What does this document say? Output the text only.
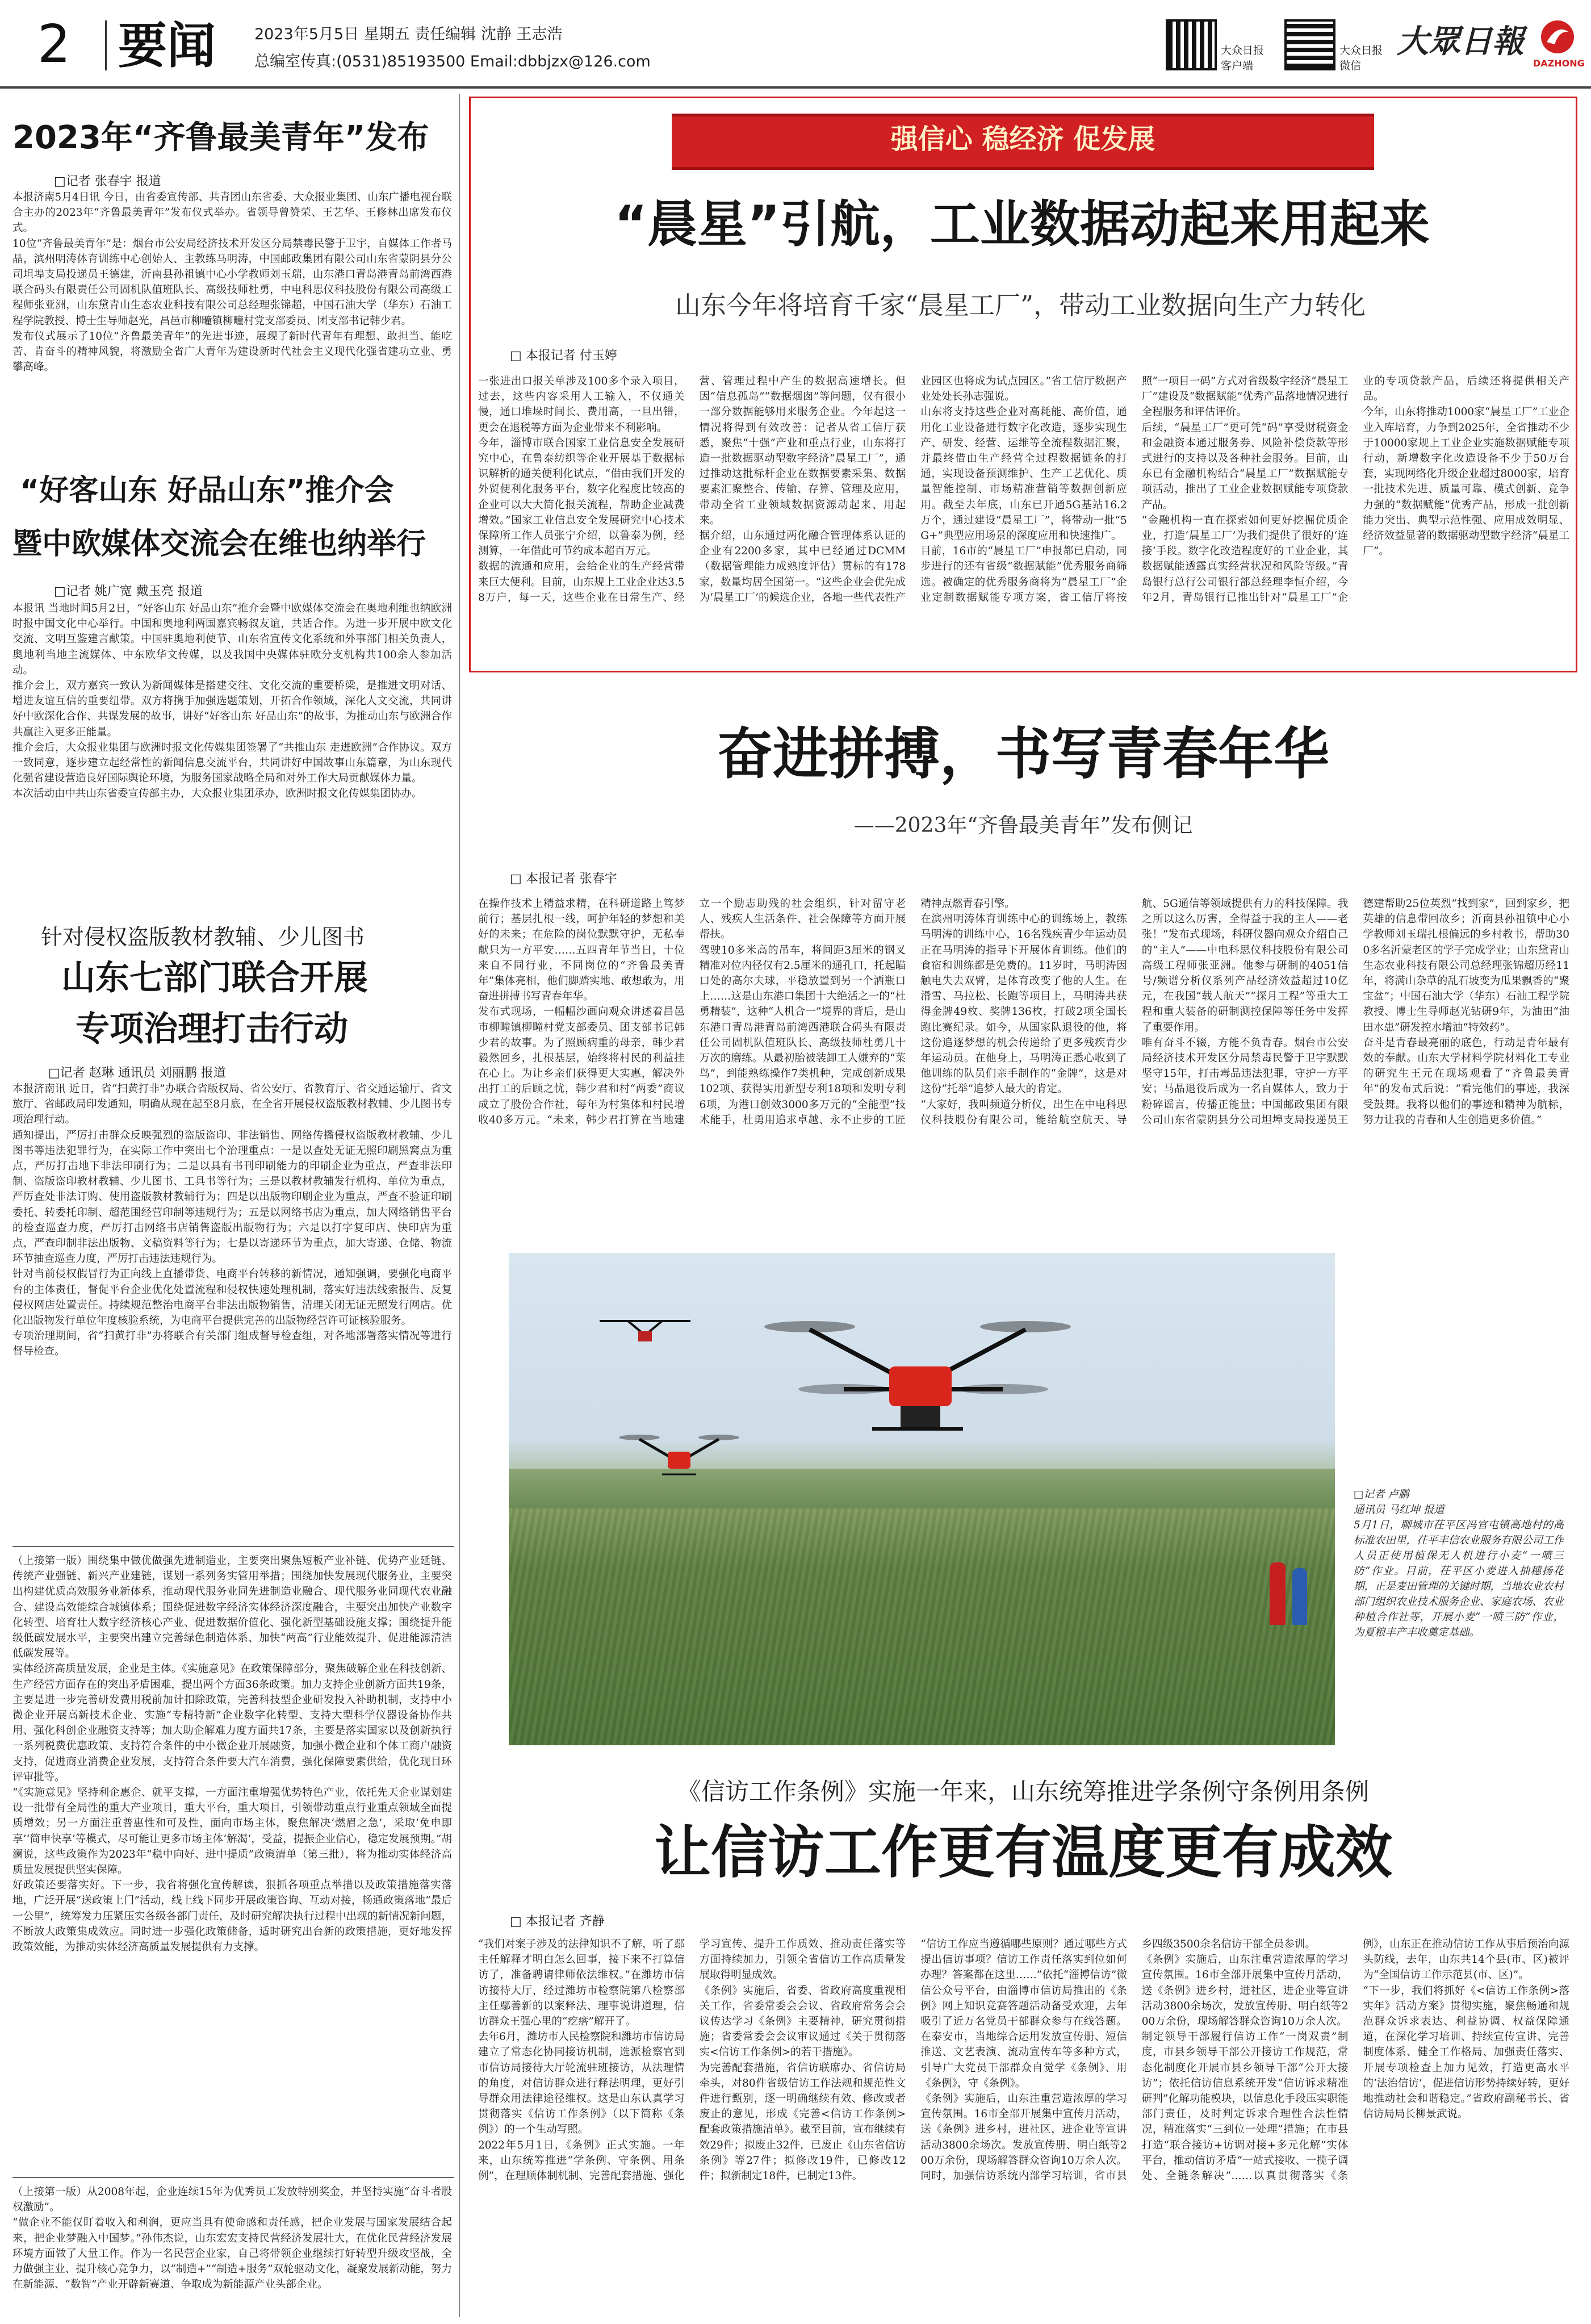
2 要闻	2023年5月5日 星期五 责任编辑 沈静 王志浩
总编室传真:(0531)85193500 Email:dbbjzx@126.com
大众日报
客户端
大众日报
微信
大眾日報
DAZHONG
2023年“齐鲁最美青年”发布
□记者 张春宇 报道
本报济南5月4日讯 今日，由省委宣传部、共青团山东省委、大众报业集团、山东广播电视台联合主办的2023年“齐鲁最美青年”发布仪式举办。省领导曾赞荣、王艺华、王修林出席发布仪式。
10位“齐鲁最美青年”是：烟台市公安局经济技术开发区分局禁毒民警于卫宇，自媒体工作者马晶，滨州明涛体育训练中心创始人、主教练马明涛，中国邮政集团有限公司山东省蒙阴县分公司坦埠支局投递员王德建，沂南县孙祖镇中心小学教师刘玉瑞，山东港口青岛港青岛前湾西港联合码头有限责任公司固机队值班队长、高级技师杜勇，中电科思仪科技股份有限公司高级工程师张亚洲，山东黛青山生态农业科技有限公司总经理张锦超，中国石油大学（华东）石油工程学院教授、博士生导师赵光，昌邑市柳疃镇柳疃村党支部委员、团支部书记韩少君。
发布仪式展示了10位“齐鲁最美青年”的先进事迹，展现了新时代青年有理想、敢担当、能吃苦、肯奋斗的精神风貌，将激励全省广大青年为建设新时代社会主义现代化强省建功立业、勇攀高峰。
“好客山东 好品山东”推介会
暨中欧媒体交流会在维也纳举行
□记者 姚广宽 戴玉亮 报道
本报讯 当地时间5月2日，“好客山东 好品山东”推介会暨中欧媒体交流会在奥地利维也纳欧洲时报中国文化中心举行。中国和奥地利两国嘉宾畅叙友谊，共话合作。为进一步开展中欧文化交流、文明互鉴建言献策。中国驻奥地利使节、山东省宣传文化系统和外事部门相关负责人，奥地利当地主流媒体、中东欧华文传媒，以及我国中央媒体驻欧分支机构共100余人参加活动。
推介会上，双方嘉宾一致认为新闻媒体是搭建交往、文化交流的重要桥梁，是推进文明对话、增进友谊互信的重要纽带。双方将携手加强选题策划，开拓合作领域，深化人文交流，共同讲好中欧深化合作、共谋发展的故事，讲好“好客山东 好品山东”的故事，为推动山东与欧洲合作共赢注入更多正能量。
推介会后，大众报业集团与欧洲时报文化传媒集团签署了“共推山东 走进欧洲”合作协议。双方一致同意，逐步建立起经常性的新闻信息交流平台，共同讲好中国故事山东篇章，为山东现代化强省建设营造良好国际舆论环境，为服务国家战略全局和对外工作大局贡献媒体力量。
本次活动由中共山东省委宣传部主办，大众报业集团承办，欧洲时报文化传媒集团协办。
针对侵权盗版教材教辅、少儿图书
山东七部门联合开展
专项治理打击行动
□记者 赵琳 通讯员 刘丽鹏 报道
本报济南讯 近日，省“扫黄打非”办联合省版权局、省公安厅、省教育厅、省交通运输厅、省文旅厅、省邮政局印发通知，明确从现在起至8月底，在全省开展侵权盗版教材教辅、少儿图书专项治理行动。
通知提出，严厉打击群众反映强烈的盗版盗印、非法销售、网络传播侵权盗版教材教辅、少儿图书等违法犯罪行为，在实际工作中突出七个治理重点：一是以查处无证无照印刷黑窝点为重点，严厉打击地下非法印刷行为；二是以具有书刊印刷能力的印刷企业为重点，严查非法印制、盗版盗印教材教辅、少儿图书、工具书等行为；三是以教材教辅发行机构、单位为重点，严厉查处非法订购、使用盗版教材教辅行为；四是以出版物印刷企业为重点，严查不验证印刷委托、转委托印制、超范围经营印制等违规行为；五是以网络书店为重点，加大网络销售平台的检查巡查力度，严厉打击网络书店销售盗版出版物行为；六是以打字复印店、快印店为重点，严查印制非法出版物、文稿资料等行为；七是以寄递环节为重点，加大寄递、仓储、物流环节抽查巡查力度，严厉打击违法违规行为。
针对当前侵权假冒行为正向线上直播带货、电商平台转移的新情况，通知强调，要强化电商平台的主体责任，督促平台企业优化处置流程和侵权快速处理机制，落实好违法线索报告、反复侵权网店处置责任。持续规范整治电商平台非法出版物销售，清理关闭无证无照发行网店。优化出版物发行单位年度核验系统，为电商平台提供完善的出版物经营许可证核验服务。
专项治理期间，省“扫黄打非”办将联合有关部门组成督导检查组，对各地部署落实情况等进行督导检查。
（上接第一版）围绕集中做优做强先进制造业，主要突出聚焦短板产业补链、优势产业延链、传统产业强链、新兴产业建链，谋划一系列务实管用举措；围绕加快发展现代服务业，主要突出构建优质高效服务业新体系，推动现代服务业同先进制造业融合、现代服务业同现代农业融合、建设高效能综合城镇体系；围绕促进数字经济实体经济深度融合，主要突出加快产业数字化转型、培育壮大数字经济核心产业、促进数据价值化、强化新型基础设施支撑；围绕提升能级低碳发展水平，主要突出建立完善绿色制造体系、加快“两高”行业能效提升、促进能源清洁低碳发展等。
实体经济高质量发展，企业是主体。《实施意见》在政策保障部分，聚焦破解企业在科技创新、生产经营方面存在的突出矛盾困难，提出两个方面36条政策。加力支持企业创新方面共19条，主要是进一步完善研发费用税前加计扣除政策，完善科技型企业研发投入补助机制，支持中小微企业开展高新技术企业、实施“专精特新”企业数字化转型、支持大型科学仪器设备协作共用、强化科创企业融资支持等；加大助企解难力度方面共17条，主要是落实国家以及创新执行一系列税费优惠政策、支持符合条件的中小微企业开展融资，加强小微企业和个体工商户融资支持，促进商业消费企业发展，支持符合条件要大汽车消费，强化保障要素供给，优化现目环评审批等。
“《实施意见》坚持利企惠企、就平支撑，一方面注重增强优势特色产业，依托先天企业谋划建设一批带有全局性的重大产业项目，重大平台，重大项目，引领带动重点行业重点领域全面提质增效；另一方面注重普惠性和可及性，面向市场主体，聚焦解决‘燃眉之急’，采取‘免申即享’‘简申快享’等模式，尽可能让更多市场主体‘解渴’，受益，提振企业信心，稳定发展预期。”胡澜说，这些政策作为2023年“稳中向好、进中提质”政策清单（第三批），将为推动实体经济高质量发展提供坚实保障。
好政策还要落实好。下一步，我省将强化宣传解读，狠抓各项重点举措以及政策措施落实落地，广泛开展“送政策上门”活动，线上线下同步开展政策咨询、互动对接，畅通政策落地“最后一公里”，统筹发力压紧压实各级各部门责任，及时研究解决执行过程中出现的新情况新问题，不断放大政策集成效应。同时进一步强化政策储备，适时研究出台新的政策措施，更好地发挥政策效能，为推动实体经济高质量发展提供有力支撑。
（上接第一版）从2008年起，企业连续15年为优秀员工发放特别奖金，并坚持实施“奋斗者股权激励”。
“做企业不能仅盯着收入和利润，更应当具有使命感和责任感，把企业发展与国家发展结合起来，把企业梦融入中国梦。”孙伟杰说，山东宏宏支持民营经济发展壮大，在优化民营经济发展环境方面做了大量工作。作为一名民营企业家，自己将带领企业继续打好转型升级攻坚战，全力做强主业、提升核心竞争力，以“制造+”“制造+服务”双轮驱动文化，凝聚发展新动能，努力在新能源、“数智”产业开辟新赛道、争取成为新能源产业头部企业。
强信心 稳经济 促发展
“晨星”引航，工业数据动起来用起来
山东今年将培育千家“晨星工厂”，带动工业数据向生产力转化
□ 本报记者 付玉婷
一张进出口报关单涉及100多个录入项目，过去，这些内容采用人工输入，不仅通关慢，通口堆垛时间长、费用高，一旦出错，更会在退税等方面为企业带来不利影响。
今年，淄博市联合国家工业信息安全发展研究中心，在鲁泰纺织等企业开展基于数据标识解析的通关便利化试点，“借由我们开发的外贸便利化服务平台，数字化程度比较高的企业可以大大简化报关流程，帮助企业减费增效。”国家工业信息安全发展研究中心技术保障所工作人员张宁介绍，以鲁泰为例，经测算，一年借此可节约成本超百万元。
数据的流通和应用，会给企业的生产经营带来巨大便利。目前，山东规上工业企业达3.58万户，每一天，这些企业在日常生产、经营、管理过程中产生的数据高速增长。但因“信息孤岛”“数据烟囱”等问题，仅有很小一部分数据能够用来服务企业。今年起这一情况将得到有效改善：记者从省工信厅获悉，聚焦“十强”产业和重点行业，山东将打造一批数据驱动型数字经济“晨星工厂”，通过推动这批标杆企业在数据要素采集、数据要素汇聚整合、传输、存算、管理及应用，带动全省工业领域数据资源动起来、用起来。
据介绍，山东通过两化融合管理体系认证的企业有2200多家，其中已经通过DCMM（数据管理能力成熟度评估）贯标的有178家，数量均居全国第一。“这些企业会优先成为‘晨星工厂’的候选企业，各地一些代表性产业园区也将成为试点园区。”省工信厅数据产业处处长孙志强说。
山东将支持这些企业对高耗能、高价值，通用化工业设备进行数字化改造，逐步实现生产、研发、经营、运维等全流程数据汇聚，并最终借由生产经营全过程数据链条的打通，实现设备预测维护、生产工艺优化、质量智能控制、市场精准营销等数据创新应用。截至去年底，山东已开通5G基站16.2万个，通过建设“晨星工厂”，将带动一批“5G+”典型应用场景的深度应用和快速推广。
目前，16市的“晨星工厂”申报都已启动，同步进行的还有省级“数据赋能”优秀服务商筛选。被确定的优秀服务商将为“晨星工厂”企业定制数据赋能专项方案，省工信厅将按照“一项目一码”方式对省级数字经济“晨星工厂”建设及“数据赋能”优秀产品落地情况进行全程服务和评估评价。
后续，“晨星工厂”更可凭“码”享受财税资金和金融资本通过服务券、风险补偿贷款等形式进行的支持以及各种社会服务。目前，山东已有金融机构结合“晨星工厂”数据赋能专项活动，推出了工业企业数据赋能专项贷款产品。
“金融机构一直在探索如何更好挖掘优质企业，打造‘晨星工厂’为我们提供了很好的‘连接’手段。数字化改造程度好的工业企业，其数据赋能透露真实经营状况和风险等级。”青岛银行总行公司银行部总经理李恒介绍，今年2月，青岛银行已推出针对“晨星工厂”企业的专项贷款产品，后续还将提供相关产品。
今年，山东将推动1000家“晨星工厂”工业企业入库培育，力争到2025年，全省推动不少于10000家规上工业企业实施数据赋能专项行动，新增数字化改造设备不少于50万台套，实现网络化升级企业超过8000家，培育一批技术先进、质量可靠、模式创新、竞争力强的“数据赋能”优秀产品，形成一批创新能力突出、典型示范性强、应用成效明显、经济效益显著的数据驱动型数字经济“晨星工厂”。
奋进拼搏，书写青春年华
——2023年“齐鲁最美青年”发布侧记
□ 本报记者 张春宇
在操作技术上精益求精，在科研道路上笃梦前行；基层扎根一线，呵护年轻的梦想和美好的未来；在危险的岗位默默守护，无私奉献只为一方平安……五四青年节当日，十位来自不同行业，不同岗位的“齐鲁最美青年”集体亮相，他们脚踏实地、敢想敢为，用奋进拼搏书写青春年华。
发布式现场，一幅幅沙画向观众讲述着昌邑市柳疃镇柳疃村党支部委员、团支部书记韩少君的故事。为了照顾病重的母亲，韩少君毅然回乡，扎根基层，始终将村民的利益挂在心上。为让乡亲们获得更大实惠，解决外出打工的后顾之忧，韩少君和村“两委”商议成立了股份合作社，每年为村集体和村民增收40多万元。“未来，韩少君打算在当地建立一个励志助残的社会组织，针对留守老人、残疾人生活条件、社会保障等方面开展帮扶。
驾驶10多米高的吊车，将间距3厘米的钢叉精准对位内径仅有2.5厘米的通孔口，托起瞄口处的高尔夫球，平稳放置到另一个洒瓶口上……这是山东港口集团十大绝活之一的“杜勇精装”，这种“人机合一”境界的背后，是山东港口青岛港青岛前湾西港联合码头有限责任公司固机队值班队长、高级技师杜勇几十万次的磨练。从最初胎被装卸工人嫌弃的“菜鸟”，到能熟练操作7类机种，完成创新成果102项、获得实用新型专利18项和发明专利6项，为港口创效3000多万元的“全能型”技术能手，杜勇用追求卓越、永不止步的工匠精神点燃青春引擎。
在滨州明涛体育训练中心的训练场上，教练马明涛的训练中心，16名残疾青少年运动员正在马明涛的指导下开展体育训练。他们的食宿和训练都是免费的。11岁时，马明涛因触电失去双臂，是体育改变了他的人生。在滑雪、马拉松、长跑等项目上，马明涛共获得金牌49枚、奖牌136枚，打破2项全国长跑比赛纪录。如今，从国家队退役的他，将这份追逐梦想的机会传递给了更多残疾青少年运动员。在他身上，马明涛正悉心收到了他训练的队员们亲手制作的“金牌”，这是对这份“托举”追梦人最大的肯定。
“大家好，我叫频道分析仪，出生在中电科思仪科技股份有限公司，能给航空航天、导航、5G通信等领域提供有力的科技保障。我之所以这么厉害，全得益于我的主人——老张！”发布式现场，科研仪器向观众介绍自己的“主人”——中电科思仪科技股份有限公司高级工程师张亚洲。他参与研制的4051信号/频谱分析仪系列产品经济效益超过10亿元，在我国“载人航天”“探月工程”等重大工程和重大装备的研制测控保障等任务中发挥了重要作用。
唯有奋斗不辍，方能不负青春。烟台市公安局经济技术开发区分局禁毒民警于卫宇默默坚守15年，打击毒品违法犯罪，守护一方平安；马晶退役后成为一名自媒体人，致力于粉碎谣言，传播正能量；中国邮政集团有限公司山东省蒙阴县分公司坦埠支局投递员王德建帮助25位英烈“找到家”，回到家乡，把英雄的信息带回故乡；沂南县孙祖镇中心小学教师刘玉瑞扎根偏远的乡村教书，帮助300多名沂蒙老区的学子完成学业；山东黛青山生态农业科技有限公司总经理张锦超历经11年，将满山杂草的乱石坡变为瓜果飘香的“聚宝盆”；中国石油大学（华东）石油工程学院教授、博士生导师赵光钻研9年，为油田“油田水患”研发控水增油“特效药”。
奋斗是青春最亮丽的底色，行动是青年最有效的奉献。山东大学材料学院材料化工专业的研究生王元在现场观看了“齐鲁最美青年”的发布式后说：“看完他们的事迹，我深受鼓舞。我将以他们的事迹和精神为航标，努力让我的青春和人生创造更多价值。”
□记者 卢鹏
通讯员 马红坤 报道
5月1日，聊城市茌平区冯官屯镇高地村的高标准农田里，茌平丰信农业服务有限公司工作人员正使用植保无人机进行小麦“一喷三防”作业。目前，茌平区小麦进入抽穗扬花期，正是麦田管理的关键时期，当地农业农村部门组织农业技术服务企业、家庭农场、农业种植合作社等，开展小麦“一喷三防”作业，为夏粮丰产丰收奠定基础。
《信访工作条例》实施一年来，山东统筹推进学条例守条例用条例
让信访工作更有温度更有成效
□ 本报记者 齐静
“我们对案子涉及的法律知识不了解，听了鄢主任解释才明白怎么回事，接下来不打算信访了，准备聘请律师依法维权。”在潍坊市信访接待大厅，经过潍坊市检察院第八检察部主任鄢善新的以案释法、理事说讲道理，信访群众王强心里的“疙瘩”解开了。
去年6月，潍坊市人民检察院和潍坊市信访局建立了常态化协同接访机制，选派检察官到市信访局接待大厅轮流驻班接访，从法理情的角度，对信访群众进行释法明理，更好引导群众用法律途径维权。这是山东认真学习贯彻落实《信访工作条例》（以下简称《条例》）的一个生动写照。
2022年5月1日，《条例》正式实施。一年来，山东统筹推进“学条例、守条例、用条例”，在理顺体制机制、完善配套措施、强化学习宣传、提升工作质效、推动责任落实等方面持续加力，引领全省信访工作高质量发展取得明显成效。
《条例》实施后，省委、省政府高度重视相关工作，省委常委会会议、省政府常务会会议传达学习《条例》主要精神，研究贯彻措施；省委常委会会议审议通过《关于贯彻落实<信访工作条例>的若干措施》。
为完善配套措施，省信访联席办、省信访局牵头，对80件省级信访工作法规和规范性文件进行甄别，逐一明确继续有效、修改或者废止的意见，形成《完善<信访工作条例>配套政策措施清单》。截至目前，宣布继续有效29件；拟废止32件，已废止《山东省信访条例》等27件；拟修改19件，已修改12件；拟新制定18件，已制定13件。
“信访工作应当遵循哪些原则？通过哪些方式提出信访事项？信访工作责任落实到位如何办理？答案都在这里……”依托“淄博信访”微信公众号平台，由淄博市信访局推出的《条例》网上知识竞赛答题活动备受欢迎，去年吸引了近万名党员干部群众参与在线答题。在泰安市，当地综合运用发放宣传册、短信推送、文艺表演、流动宣传车等多种方式，引导广大党员干部群众自觉学《条例》、用《条例》，守《条例》。
《条例》实施后，山东注重营造浓厚的学习宣传氛围。16市全部开展集中宣传月活动，送《条例》进乡村，进社区，进企业等宣讲活动3800余场次。发放宣传册、明白纸等200万余份，现场解答群众咨询10万余人次。同时，加强信访系统内部学习培训，省市县乡四级3500余名信访干部全员参训。
《条例》实施后，山东注重营造浓厚的学习宣传氛围。16市全部开展集中宣传月活动，送《条例》进乡村，进社区，进企业等宣讲活动3800余场次，发放宣传册、明白纸等200万余份，现场解答群众咨询10万余人次。
制定领导干部履行信访工作“一岗双责”制度，市县乡领导干部公开接访工作规范，常态化制度化开展市县乡领导干部“公开大接访”；依托信访信息系统开发“信访诉求精准研判”化解功能模块，以信息化手段压实职能部门责任，及时判定诉求合理性合法性情况，精准落实“三到位一处理”措施；在市县打造“联合接访+访调对接+多元化解”实体平台，推动信访矛盾“一站式接收、一揽子调处、全链条解决”……以真贯彻落实《条例》，山东正在推动信访工作从事后预治向源头防线，去年，山东共14个县(市、区)被评为“全国信访工作示范县(市、区)”。
“下一步，我们将抓好《<信访工作条例>落实年》活动方案》贯彻实施，聚焦畅通和规范群众诉求表达、利益协调、权益保障通道，在深化学习培训、持续宣传宣讲、完善制度体系、健全工作格局、加强责任落实、开展专项检查上加力见效，打造更高水平的‘法治信访’，促进信访形势持续好转，更好地推动社会和谐稳定。”省政府副秘书长、省信访局局长柳景武说。
